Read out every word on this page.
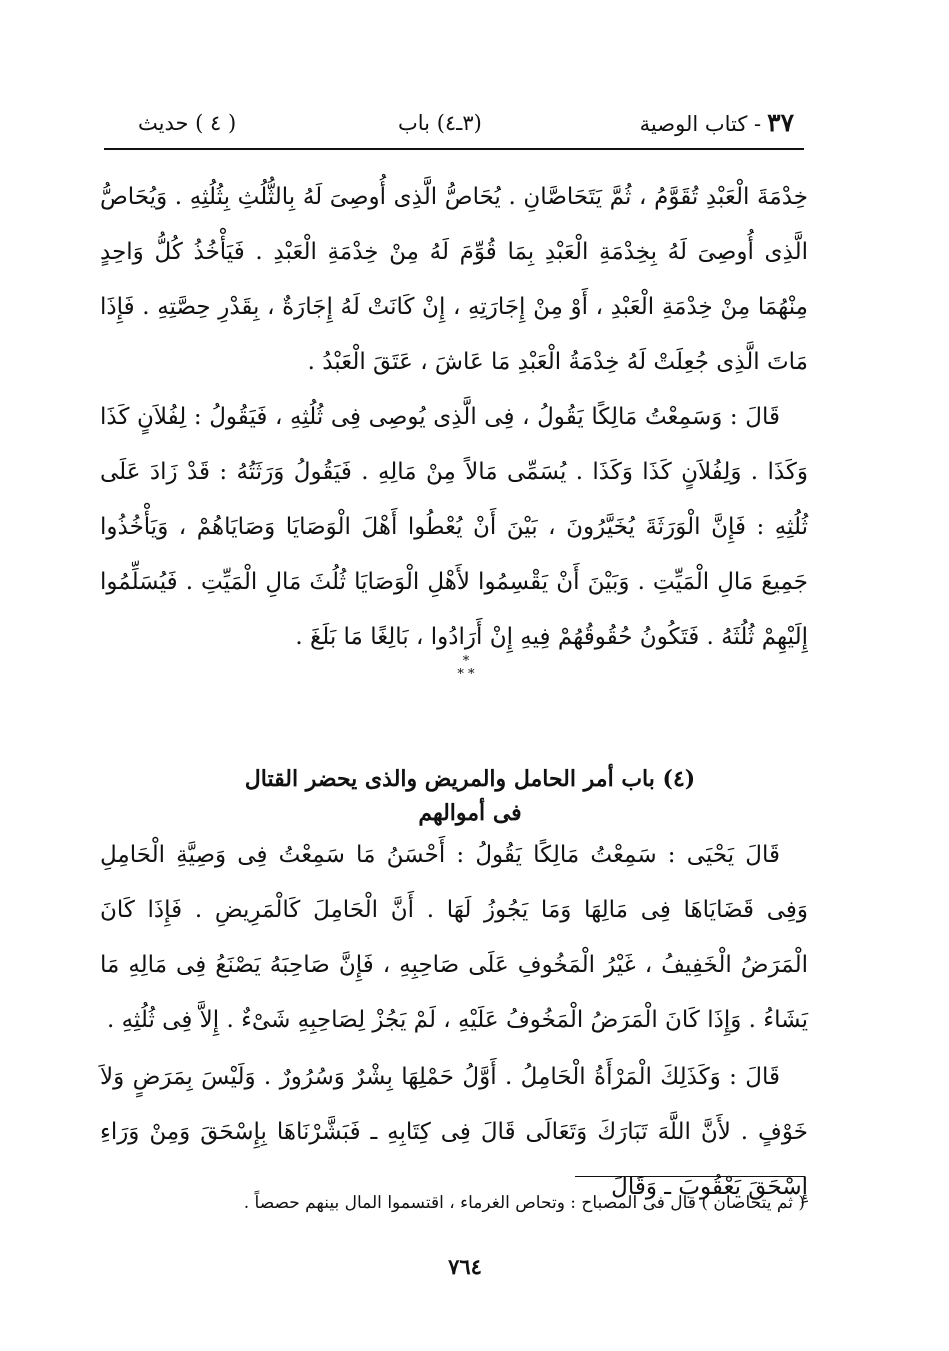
٣٧- كتاب الوصية
(٣ـ٤) باب
( ٤ ) حديث

خِدْمَةَ الْعَبْدِ تُقَوَّمُ ، ثُمَّ يَتَحَاصَّانِ . يُحَاصُّ الَّذِى أُوصِىَ لَهُ بِالثُّلُثِ بِثُلُثِهِ . وَيُحَاصُّ الَّذِى أُوصِىَ لَهُ بِخِدْمَةِ الْعَبْدِ بِمَا قُوِّمَ لَهُ مِنْ خِدْمَةِ الْعَبْدِ . فَيَأْخُذُ كُلُّ وَاحِدٍ مِنْهُمَا مِنْ خِدْمَةِ الْعَبْدِ ، أَوْ مِنْ إِجَارَتِهِ ، إِنْ كَانَتْ لَهُ إِجَارَةٌ ، بِقَدْرِ حِصَّتِهِ . فَإِذَا مَاتَ الَّذِى جُعِلَتْ لَهُ خِدْمَةُ الْعَبْدِ مَا عَاشَ ، عَتَقَ الْعَبْدُ .

قَالَ : وَسَمِعْتُ مَالِكًا يَقُولُ ، فِى الَّذِى يُوصِى فِى ثُلُثِهِ ، فَيَقُولُ : لِفُلاَنٍ كَذَا وَكَذَا . وَلِفُلاَنٍ كَذَا وَكَذَا . يُسَمِّى مَالاً مِنْ مَالِهِ . فَيَقُولُ وَرَثَتُهُ : قَدْ زَادَ عَلَى ثُلُثِهِ : فَإِنَّ الْوَرَثَةَ يُخَيَّرُونَ ، بَيْنَ أَنْ يُعْطُوا أَهْلَ الْوَصَايَا وَصَايَاهُمْ ، وَيَأْخُذُوا جَمِيعَ مَالِ الْمَيِّتِ . وَبَيْنَ أَنْ يَقْسِمُوا لأَهْلِ الْوَصَايَا ثُلُثَ مَالِ الْمَيِّتِ . فَيُسَلِّمُوا إِلَيْهِمْ ثُلُثَهُ . فَتَكُونُ حُقُوقُهُمْ فِيهِ إِنْ أَرَادُوا ، بَالِغًا مَا بَلَغَ .

*
* *
(٤) باب أمر الحامل والمريض والذى يحضر القتال فى أموالهم

قَالَ يَحْيَى : سَمِعْتُ مَالِكًا يَقُولُ : أَحْسَنُ مَا سَمِعْتُ فِى وَصِيَّةِ الْحَامِلِ وَفِى قَضَايَاهَا فِى مَالِهَا وَمَا يَجُوزُ لَهَا . أَنَّ الْحَامِلَ كَالْمَرِيضِ . فَإِذَا كَانَ الْمَرَضُ الْخَفِيفُ ، غَيْرُ الْمَخُوفِ عَلَى صَاحِبِهِ ، فَإِنَّ صَاحِبَهُ يَصْنَعُ فِى مَالِهِ مَا يَشَاءُ . وَإِذَا كَانَ الْمَرَضُ الْمَخُوفُ عَلَيْهِ ، لَمْ يَجُزْ لِصَاحِبِهِ شَىْءٌ . إِلاَّ فِى ثُلُثِهِ .

قَالَ : وَكَذَلِكَ الْمَرْأَةُ الْحَامِلُ . أَوَّلُ حَمْلِهَا بِشْرٌ وَسُرُورٌ . وَلَيْسَ بِمَرَضٍ وَلاَ خَوْفٍ . لأَنَّ اللَّهَ تَبَارَكَ وَتَعَالَى قَالَ فِى كِتَابِهِ ـ فَبَشَّرْنَاهَا بِإِسْحَقَ وَمِنْ وَرَاءِ إِسْحَقَ يَعْقُوبَ ـ وَقَالَ

( ثم يتحاصان ) قال فى المصباح : وتحاص الغرماء ، اقتسموا المال بينهم حصصاً .
٧٦٤
